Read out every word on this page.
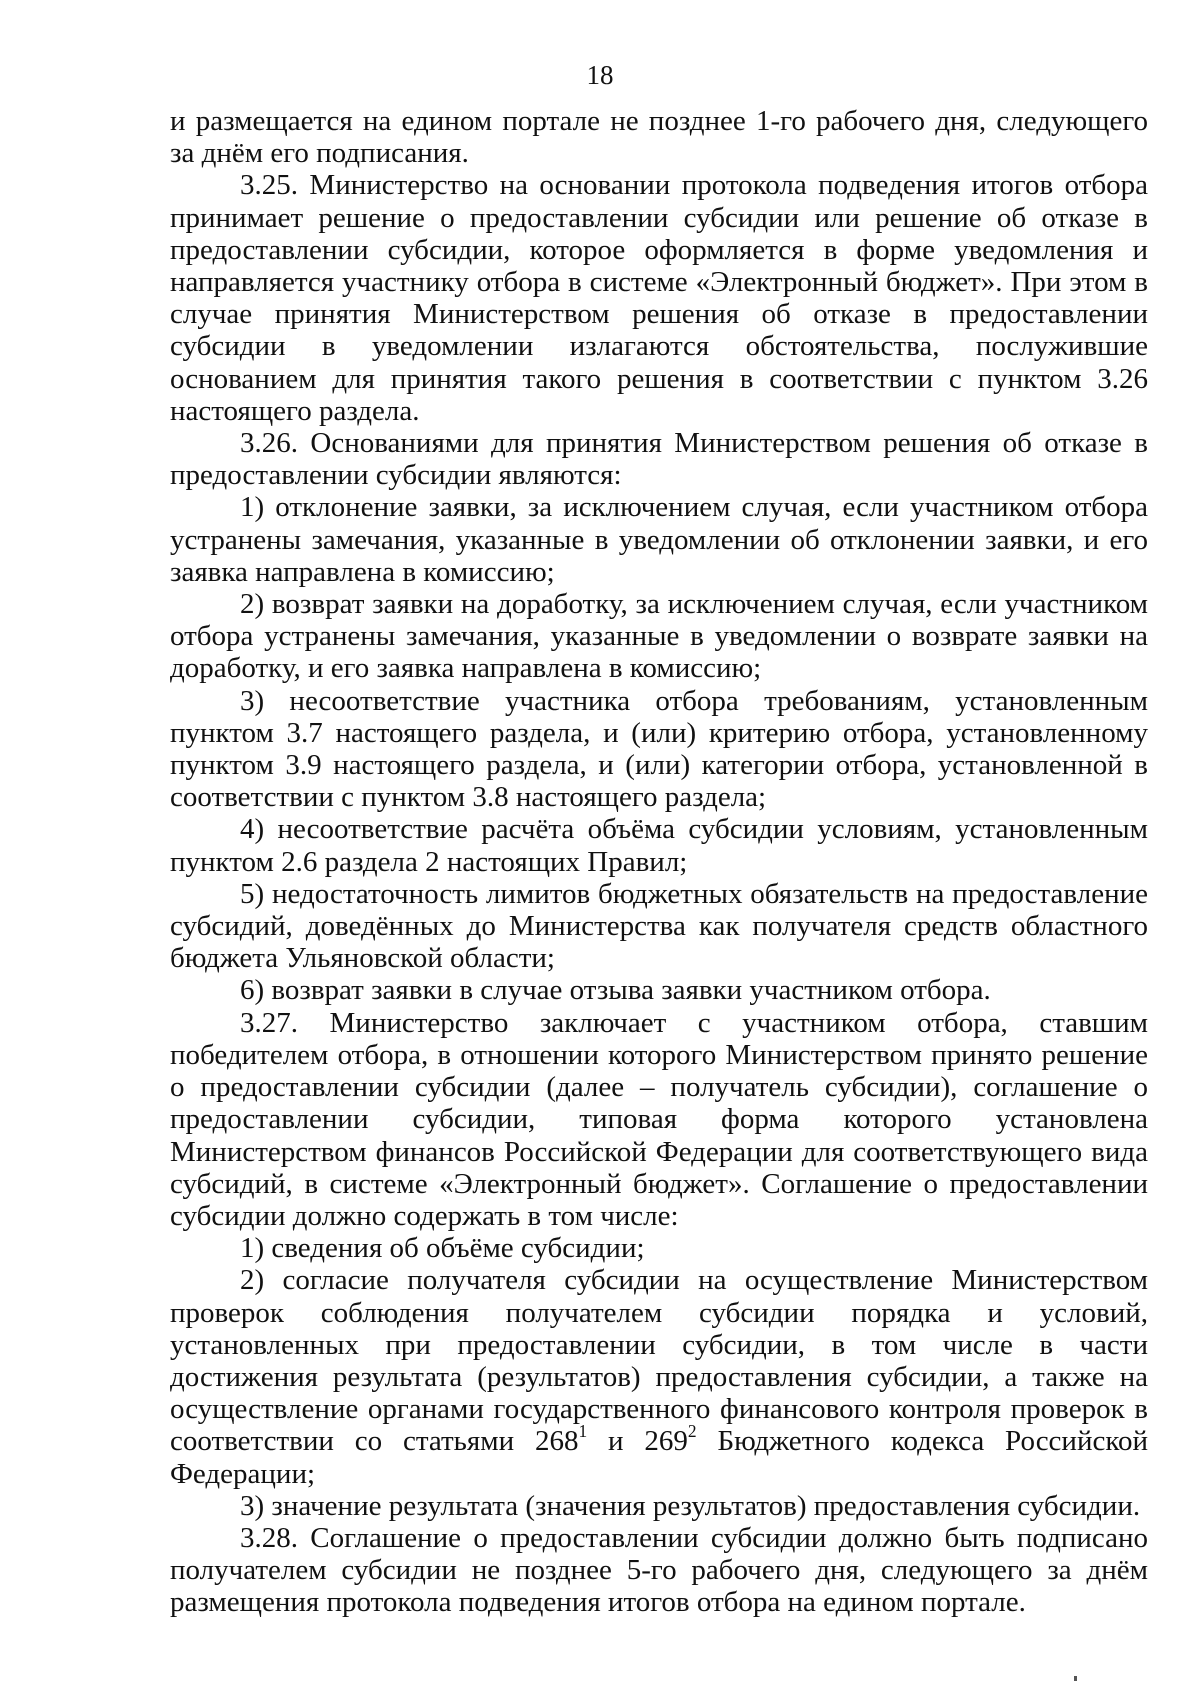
18

и размещается на едином портале не позднее 1-го рабочего дня, следующего за днём его подписания.

3.25. Министерство на основании протокола подведения итогов отбора принимает решение о предоставлении субсидии или решение об отказе в предоставлении субсидии, которое оформляется в форме уведомления и направляется участнику отбора в системе «Электронный бюджет». При этом в случае принятия Министерством решения об отказе в предоставлении субсидии в уведомлении излагаются обстоятельства, послужившие основанием для принятия такого решения в соответствии с пунктом 3.26 настоящего раздела.

3.26. Основаниями для принятия Министерством решения об отказе в предоставлении субсидии являются:

1) отклонение заявки, за исключением случая, если участником отбора устранены замечания, указанные в уведомлении об отклонении заявки, и его заявка направлена в комиссию;

2) возврат заявки на доработку, за исключением случая, если участником отбора устранены замечания, указанные в уведомлении о возврате заявки на доработку, и его заявка направлена в комиссию;

3) несоответствие участника отбора требованиям, установленным пунктом 3.7 настоящего раздела, и (или) критерию отбора, установленному пунктом 3.9 настоящего раздела, и (или) категории отбора, установленной в соответствии с пунктом 3.8 настоящего раздела;

4) несоответствие расчёта объёма субсидии условиям, установленным пунктом 2.6 раздела 2 настоящих Правил;

5) недостаточность лимитов бюджетных обязательств на предоставление субсидий, доведённых до Министерства как получателя средств областного бюджета Ульяновской области;

6) возврат заявки в случае отзыва заявки участником отбора.

3.27. Министерство заключает с участником отбора, ставшим победителем отбора, в отношении которого Министерством принято решение о предоставлении субсидии (далее – получатель субсидии), соглашение о предоставлении субсидии, типовая форма которого установлена Министерством финансов Российской Федерации для соответствующего вида субсидий, в системе «Электронный бюджет». Соглашение о предоставлении субсидии должно содержать в том числе:

1) сведения об объёме субсидии;

2) согласие получателя субсидии на осуществление Министерством проверок соблюдения получателем субсидии порядка и условий, установленных при предоставлении субсидии, в том числе в части достижения результата (результатов) предоставления субсидии, а также на осуществление органами государственного финансового контроля проверок в соответствии со статьями $268^1$ и $269^2$ Бюджетного кодекса Российской Федерации;

3) значение результата (значения результатов) предоставления субсидии.

3.28. Соглашение о предоставлении субсидии должно быть подписано получателем субсидии не позднее 5-го рабочего дня, следующего за днём размещения протокола подведения итогов отбора на едином портале.
